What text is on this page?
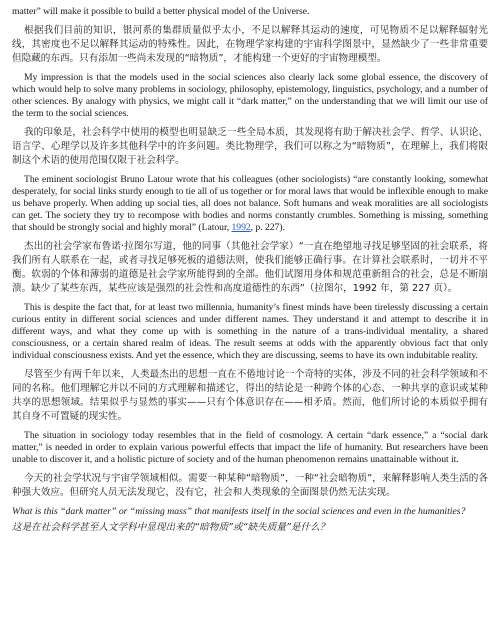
matter” will make it possible to build a better physical model of the Universe.

根据我们目前的知识，银河系的集群质量似乎太小，不足以解释其运动的速度，可见物质不足以解释辐射光线，其密度也不足以解释其运动的特殊性。因此，在物理学家构建的宇宙科学图景中，显然缺少了一些非常重要但隐藏的东西。只有添加一些尚未发现的“暗物质”，才能构建一个更好的宇宙物理模型。

My impression is that the models used in the social sciences also clearly lack some global essence, the discovery of which would help to solve many problems in sociology, philosophy, epistemology, linguistics, psychology, and a number of other sciences. By analogy with physics, we might call it “dark matter,” on the understanding that we will limit our use of the term to the social sciences.

我的印象是，社会科学中使用的模型也明显缺乏一些全局本质，其发现将有助于解决社会学、哲学、认识论、语言学、心理学以及许多其他科学中的许多问题。类比物理学，我们可以称之为“暗物质”，在理解上，我们将限制这个术语的使用范围仅限于社会科学。

The eminent sociologist Bruno Latour wrote that his colleagues (other sociologists) “are constantly looking, somewhat desperately, for social links sturdy enough to tie all of us together or for moral laws that would be inflexible enough to make us behave properly. When adding up social ties, all does not balance. Soft humans and weak moralities are all sociologists can get. The society they try to recompose with bodies and norms constantly crumbles. Something is missing, something that should be strongly social and highly moral” (Latour, 1992, p. 227).

杰出的社会学家布鲁诺·拉图尔写道，他的同事（其他社会学家）“一直在绝望地寻找足够坚固的社会联系，将我们所有人联系在一起，或者寻找足够死板的道德法则，使我们能够正确行事。在计算社会联系时，一切并不平衡。软弱的个体和薄弱的道德是社会学家所能得到的全部。他们试图用身体和规范重新组合的社会，总是不断崩溃。缺少了某些东西，某些应该是强烈的社会性和高度道德性的东西”（拉图尔，1992 年，第 227 页）。

This is despite the fact that, for at least two millennia, humanity’s finest minds have been tirelessly discussing a certain curious entity in different social sciences and under different names. They understand it and attempt to describe it in different ways, and what they come up with is something in the nature of a trans-individual mentality, a shared consciousness, or a certain shared realm of ideas. The result seems at odds with the apparently obvious fact that only individual consciousness exists. And yet the essence, which they are discussing, seems to have its own indubitable reality.

尽管至少有两千年以来，人类最杰出的思想一直在不倦地讨论一个奇特的实体，涉及不同的社会科学领域和不同的名称。他们理解它并以不同的方式理解和描述它，得出的结论是一种跨个体的心态、一种共享的意识或某种共享的思想领域。结果似乎与显然的事实——只有个体意识存在——相矛盾。然而，他们所讨论的本质似乎拥有其自身不可置疑的现实性。

The situation in sociology today resembles that in the field of cosmology. A certain “dark essence,” a “social dark matter,” is needed in order to explain various powerful effects that impact the life of humanity. But researchers have been unable to discover it, and a holistic picture of society and of the human phenomenon remains unattainable without it.

今天的社会学状况与宇宙学领域相似。需要一种某种“暗物质”，一种“社会暗物质”，来解释影响人类生活的各种强大效应。但研究人员无法发现它，没有它，社会和人类现象的全面图景仍然无法实现。

What is this “dark matter” or “missing mass” that manifests itself in the social sciences and even in the humanities?

这是在社会科学甚至人文学科中显现出来的“暗物质”或“缺失质量”是什么？
